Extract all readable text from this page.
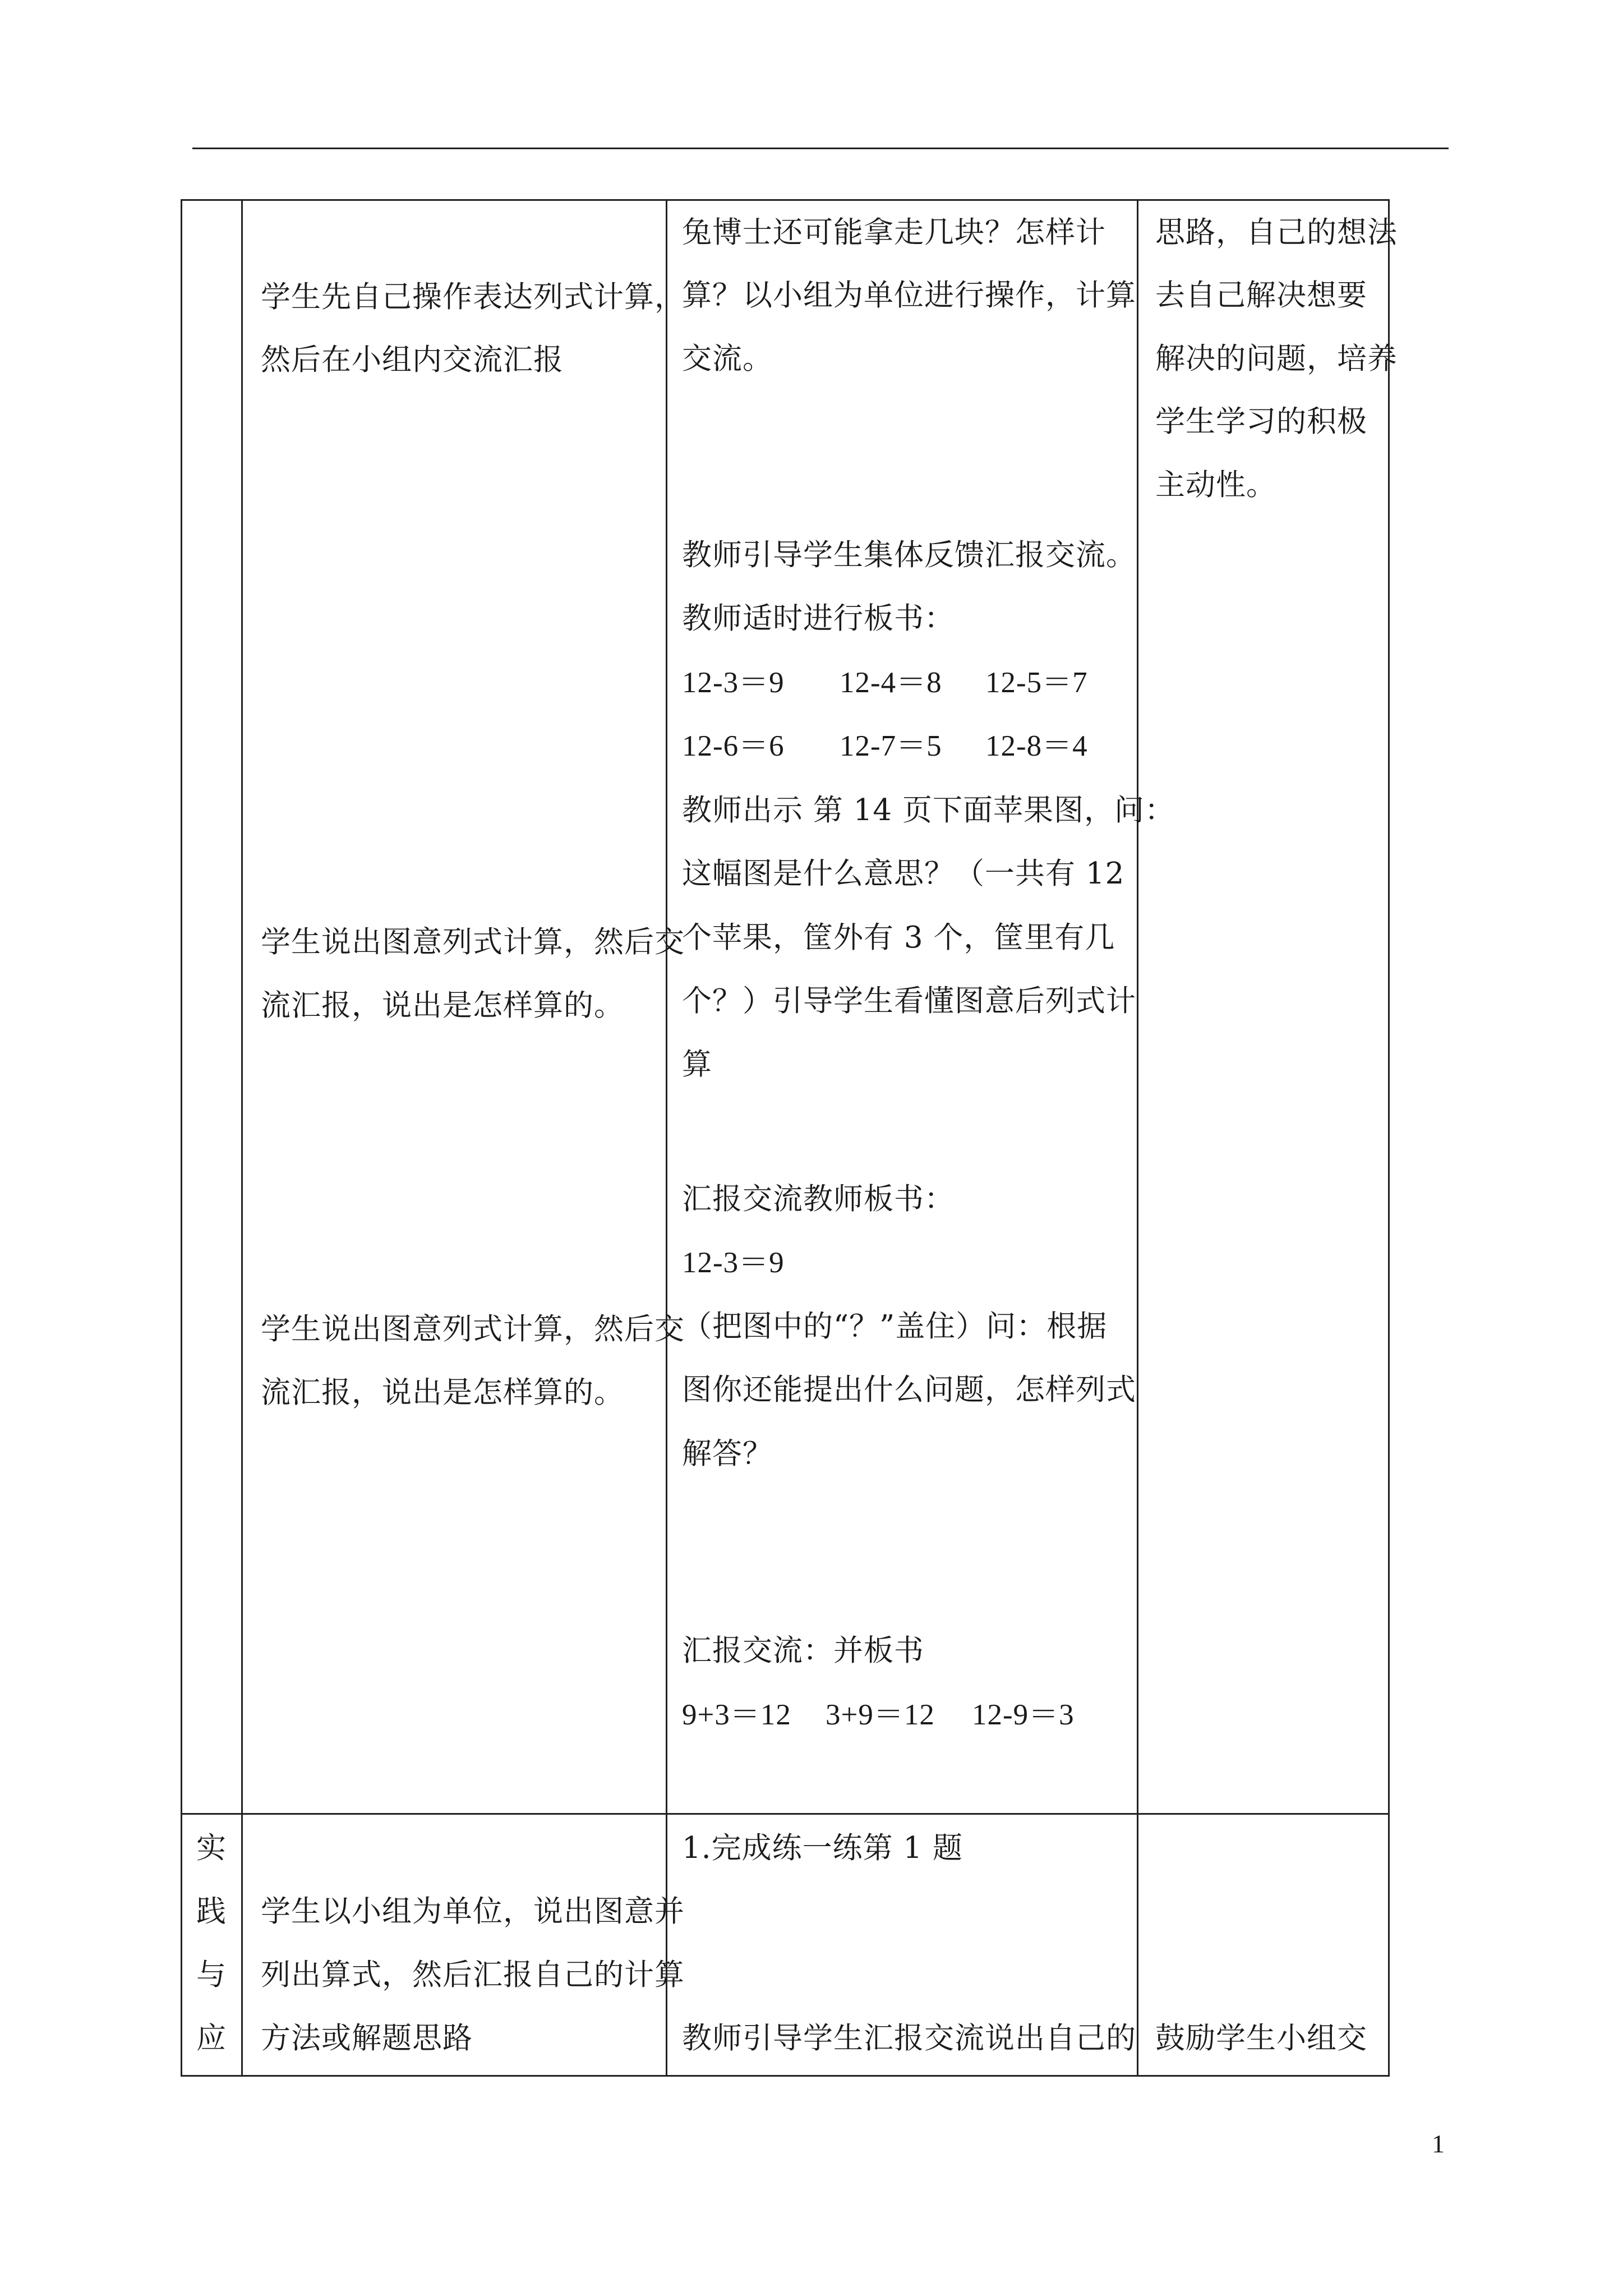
实
践
与
应
学生先自己操作表达列式计算，
然后在小组内交流汇报
学生说出图意列式计算，然后交
流汇报，说出是怎样算的。
学生说出图意列式计算，然后交
流汇报，说出是怎样算的。
学生以小组为单位，说出图意并
列出算式，然后汇报自己的计算
方法或解题思路
兔博士还可能拿走几块？怎样计
算？以小组为单位进行操作，计算
交流。
教师引导学生集体反馈汇报交流。
教师适时进行板书：
12-3＝9 12-4＝8 12-5＝7
12-6＝6 12-7＝5 12-8＝4
教师出示 第 14 页下面苹果图，问：
这幅图是什么意思？（一共有 12
个苹果，筐外有 3 个，筐里有几
个？）引导学生看懂图意后列式计
算
汇报交流教师板书：
12-3＝9
（把图中的“？”盖住）问：根据
图你还能提出什么问题，怎样列式
解答？
汇报交流：并板书
9+3＝12 3+9＝12 12-9＝3
1.完成练一练第 1 题
教师引导学生汇报交流说出自己的
思路，自己的想法
去自己解决想要
解决的问题，培养
学生学习的积极
主动性。
鼓励学生小组交
1
